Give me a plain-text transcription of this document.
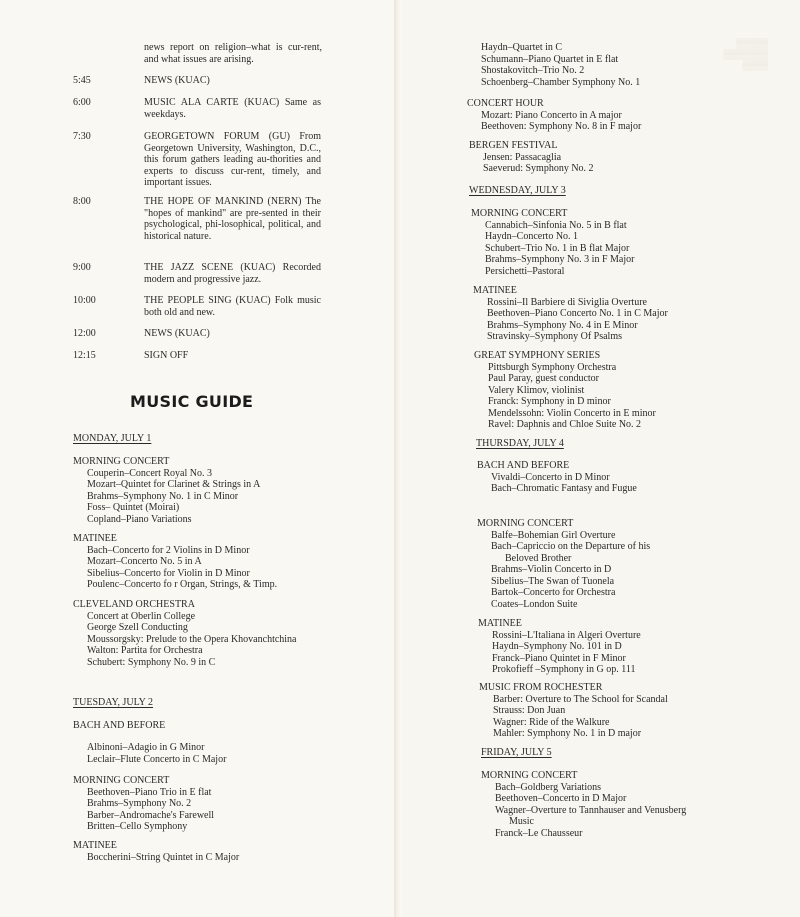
▒▒▒▒▒
▒▒▒▒▒▒▒
▒▒▒▒
news report on religion–what is cur-rent, and what issues are arising.
5:45	NEWS (KUAC)
6:00	MUSIC ALA CARTE (KUAC) Same as weekdays.
7:30	GEORGETOWN FORUM (GU) From Georgetown University, Washington, D.C., this forum gathers leading au-thorities and experts to discuss cur-rent, timely, and important issues.
8:00	THE HOPE OF MANKIND (NERN) The "hopes of mankind" are pre-sented in their psychological, phi-losophical, political, and historical nature.
9:00	THE JAZZ SCENE (KUAC) Recorded modern and progressive jazz.
10:00	THE PEOPLE SING (KUAC) Folk music both old and new.
12:00	NEWS (KUAC)
12:15	SIGN OFF
MUSIC GUIDE
MONDAY, JULY 1
MORNING CONCERT
Couperin–Concert Royal No. 3
Mozart–Quintet for Clarinet & Strings in A
Brahms–Symphony No. 1 in C Minor
Foss– Quintet (Moirai)
Copland–Piano Variations
MATINEE
Bach–Concerto for 2 Violins in D Minor
Mozart–Concerto No. 5 in A
Sibelius–Concerto for Violin in D Minor
Poulenc–Concerto fo r Organ, Strings, & Timp.
CLEVELAND ORCHESTRA
Concert at Oberlin College
George Szell Conducting
Moussorgsky: Prelude to the Opera Khovanchtchina
Walton: Partita for Orchestra
Schubert: Symphony No. 9 in C
TUESDAY, JULY 2
BACH AND BEFORE
Albinoni–Adagio in G Minor
Leclair–Flute Concerto in C Major
MORNING CONCERT
Beethoven–Piano Trio in E flat
Brahms–Symphony No. 2
Barber–Andromache's Farewell
Britten–Cello Symphony
MATINEE
Boccherini–String Quintet in C Major
Haydn–Quartet in C
Schumann–Piano Quartet in E flat
Shostakovitch–Trio No. 2
Schoenberg–Chamber Symphony No. 1
CONCERT HOUR
Mozart: Piano Concerto in A major
Beethoven: Symphony No. 8 in F major
BERGEN FESTIVAL
Jensen: Passacaglia
Saeverud: Symphony No. 2
WEDNESDAY, JULY 3
MORNING CONCERT
Cannabich–Sinfonia No. 5 in B flat
Haydn–Concerto No. 1
Schubert–Trio No. 1 in B flat Major
Brahms–Symphony No. 3 in F Major
Persichetti–Pastoral
MATINEE
Rossini–Il Barbiere di Siviglia Overture
Beethoven–Piano Concerto No. 1 in C Major
Brahms–Symphony No. 4 in E Minor
Stravinsky–Symphony Of Psalms
GREAT SYMPHONY SERIES
Pittsburgh Symphony Orchestra
Paul Paray, guest conductor
Valery Klimov, violinist
Franck: Symphony in D minor
Mendelssohn: Violin Concerto in E minor
Ravel: Daphnis and Chloe Suite No. 2
THURSDAY, JULY 4
BACH AND BEFORE
Vivaldi–Concerto in D Minor
Bach–Chromatic Fantasy and Fugue
MORNING CONCERT
Balfe–Bohemian Girl Overture
Bach–Capriccio on the Departure of his
Beloved Brother
Brahms–Violin Concerto in D
Sibelius–The Swan of Tuonela
Bartok–Concerto for Orchestra
Coates–London Suite
MATINEE
Rossini–L'Italiana in Algeri Overture
Haydn–Symphony No. 101 in D
Franck–Piano Quintet in F Minor
Prokofieff –Symphony in G op. 111
MUSIC FROM ROCHESTER
Barber: Overture to The School for Scandal
Strauss: Don Juan
Wagner: Ride of the Walkure
Mahler: Symphony No. 1 in D major
FRIDAY, JULY 5
MORNING CONCERT
Bach–Goldberg Variations
Beethoven–Concerto in D Major
Wagner–Overture to Tannhauser and Venusberg
Music
Franck–Le Chausseur
